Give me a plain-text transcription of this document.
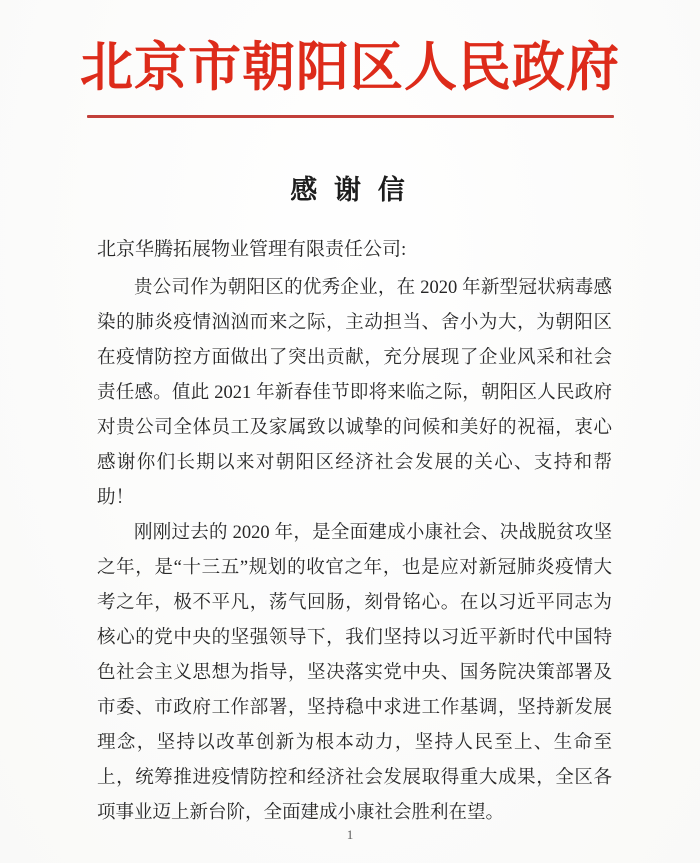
北京市朝阳区人民政府
感 谢 信

北京华腾拓展物业管理有限责任公司:

贵公司作为朝阳区的优秀企业，在 2020 年新型冠状病毒感染的肺炎疫情汹汹而来之际，主动担当、舍小为大，为朝阳区在疫情防控方面做出了突出贡献，充分展现了企业风采和社会责任感。值此 2021 年新春佳节即将来临之际，朝阳区人民政府对贵公司全体员工及家属致以诚挚的问候和美好的祝福，衷心感谢你们长期以来对朝阳区经济社会发展的关心、支持和帮助！

刚刚过去的 2020 年，是全面建成小康社会、决战脱贫攻坚之年，是“十三五”规划的收官之年，也是应对新冠肺炎疫情大考之年，极不平凡，荡气回肠，刻骨铭心。在以习近平同志为核心的党中央的坚强领导下，我们坚持以习近平新时代中国特色社会主义思想为指导，坚决落实党中央、国务院决策部署及市委、市政府工作部署，坚持稳中求进工作基调，坚持新发展理念，坚持以改革创新为根本动力，坚持人民至上、生命至上，统筹推进疫情防控和经济社会发展取得重大成果，全区各项事业迈上新台阶，全面建成小康社会胜利在望。

1
